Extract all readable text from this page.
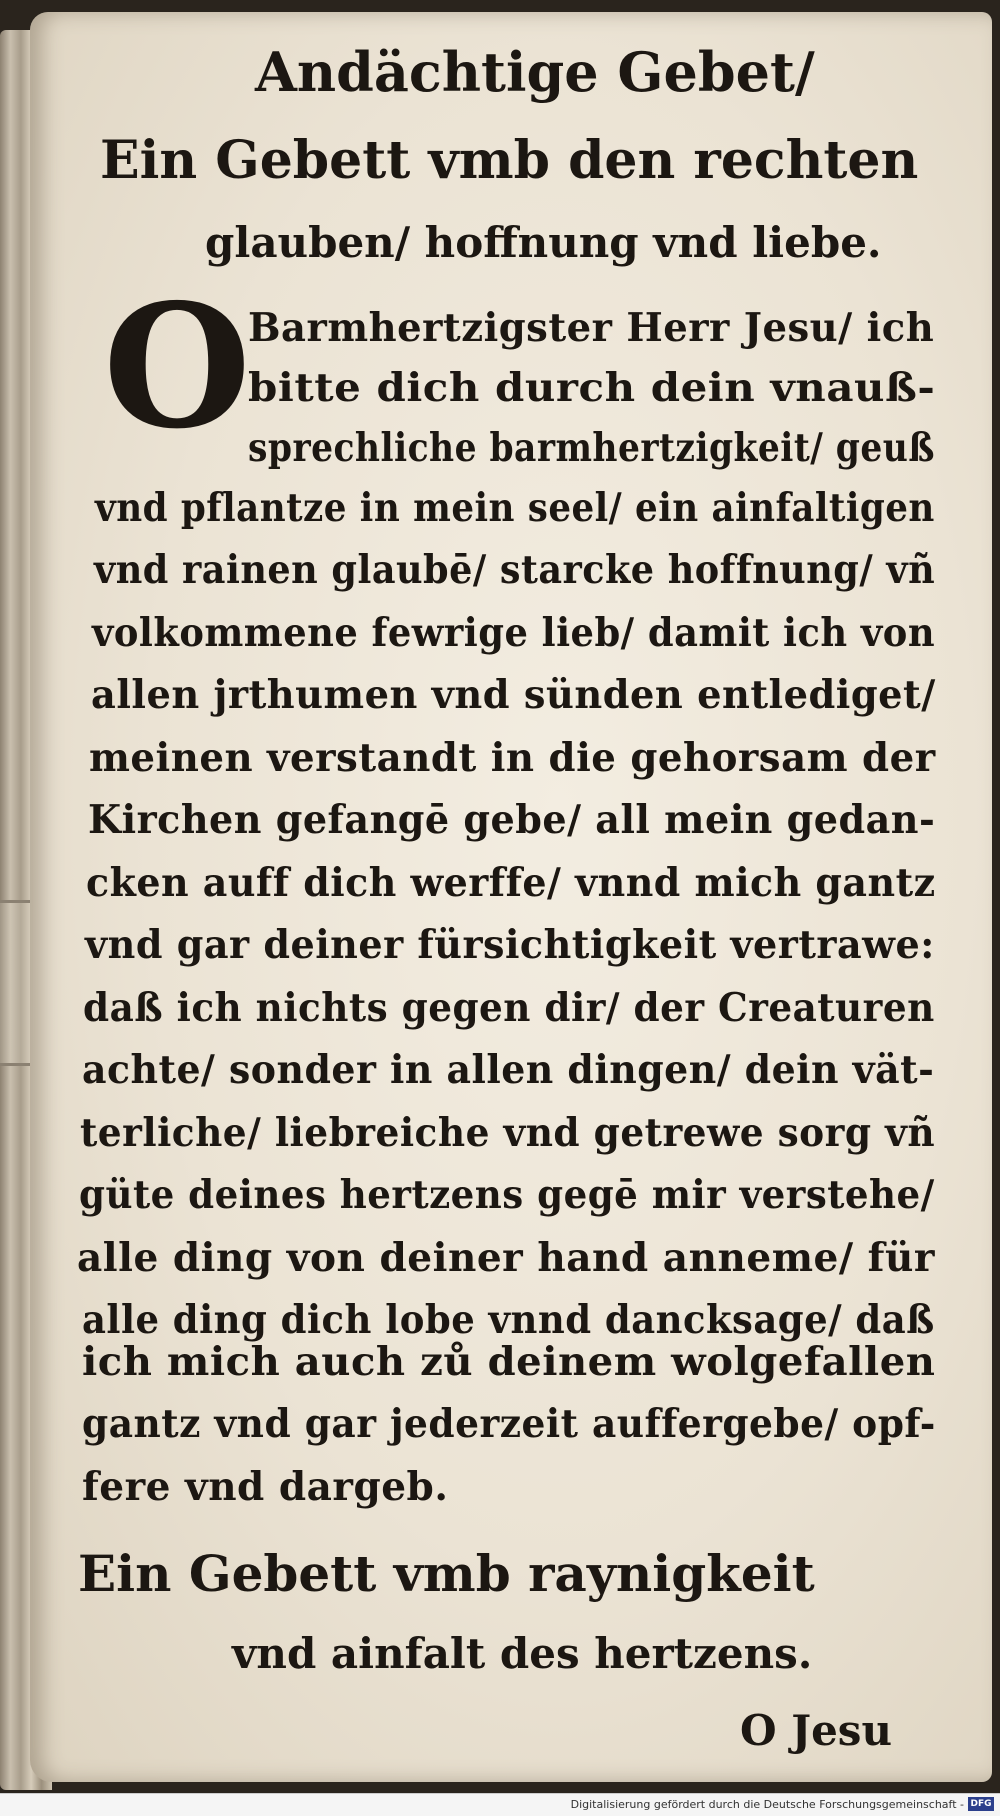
Andächtige Gebet/
Ein Gebett vmb den rechten
glauben/ hoffnung vnd liebe.
O
Barmhertzigster Herr Jesu/ ich
bitte dich durch dein vnauß-
sprechliche barmhertzigkeit/ geuß
vnd pflantze in mein seel/ ein ainfaltigen
vnd rainen glaubē/ starcke hoffnung/ vñ
volkommene fewrige lieb/ damit ich von
allen jrthumen vnd sünden entlediget/
meinen verstandt in die gehorsam der
Kirchen gefangē gebe/ all mein gedan-
cken auff dich werffe/ vnnd mich gantz
vnd gar deiner fürsichtigkeit vertrawe:
daß ich nichts gegen dir/ der Creaturen
achte/ sonder in allen dingen/ dein vät-
terliche/ liebreiche vnd getrewe sorg vñ
güte deines hertzens gegē mir verstehe/
alle ding von deiner hand anneme/ für
alle ding dich lobe vnnd dancksage/ daß
ich mich auch zů deinem wolgefallen
gantz vnd gar jederzeit auffergebe/ opf-
fere vnd dargeb.
Ein Gebett vmb raynigkeit
vnd ainfalt des hertzens.
O Jesu
Digitalisierung gefördert durch die Deutsche Forschungsgemeinschaft - DFG
